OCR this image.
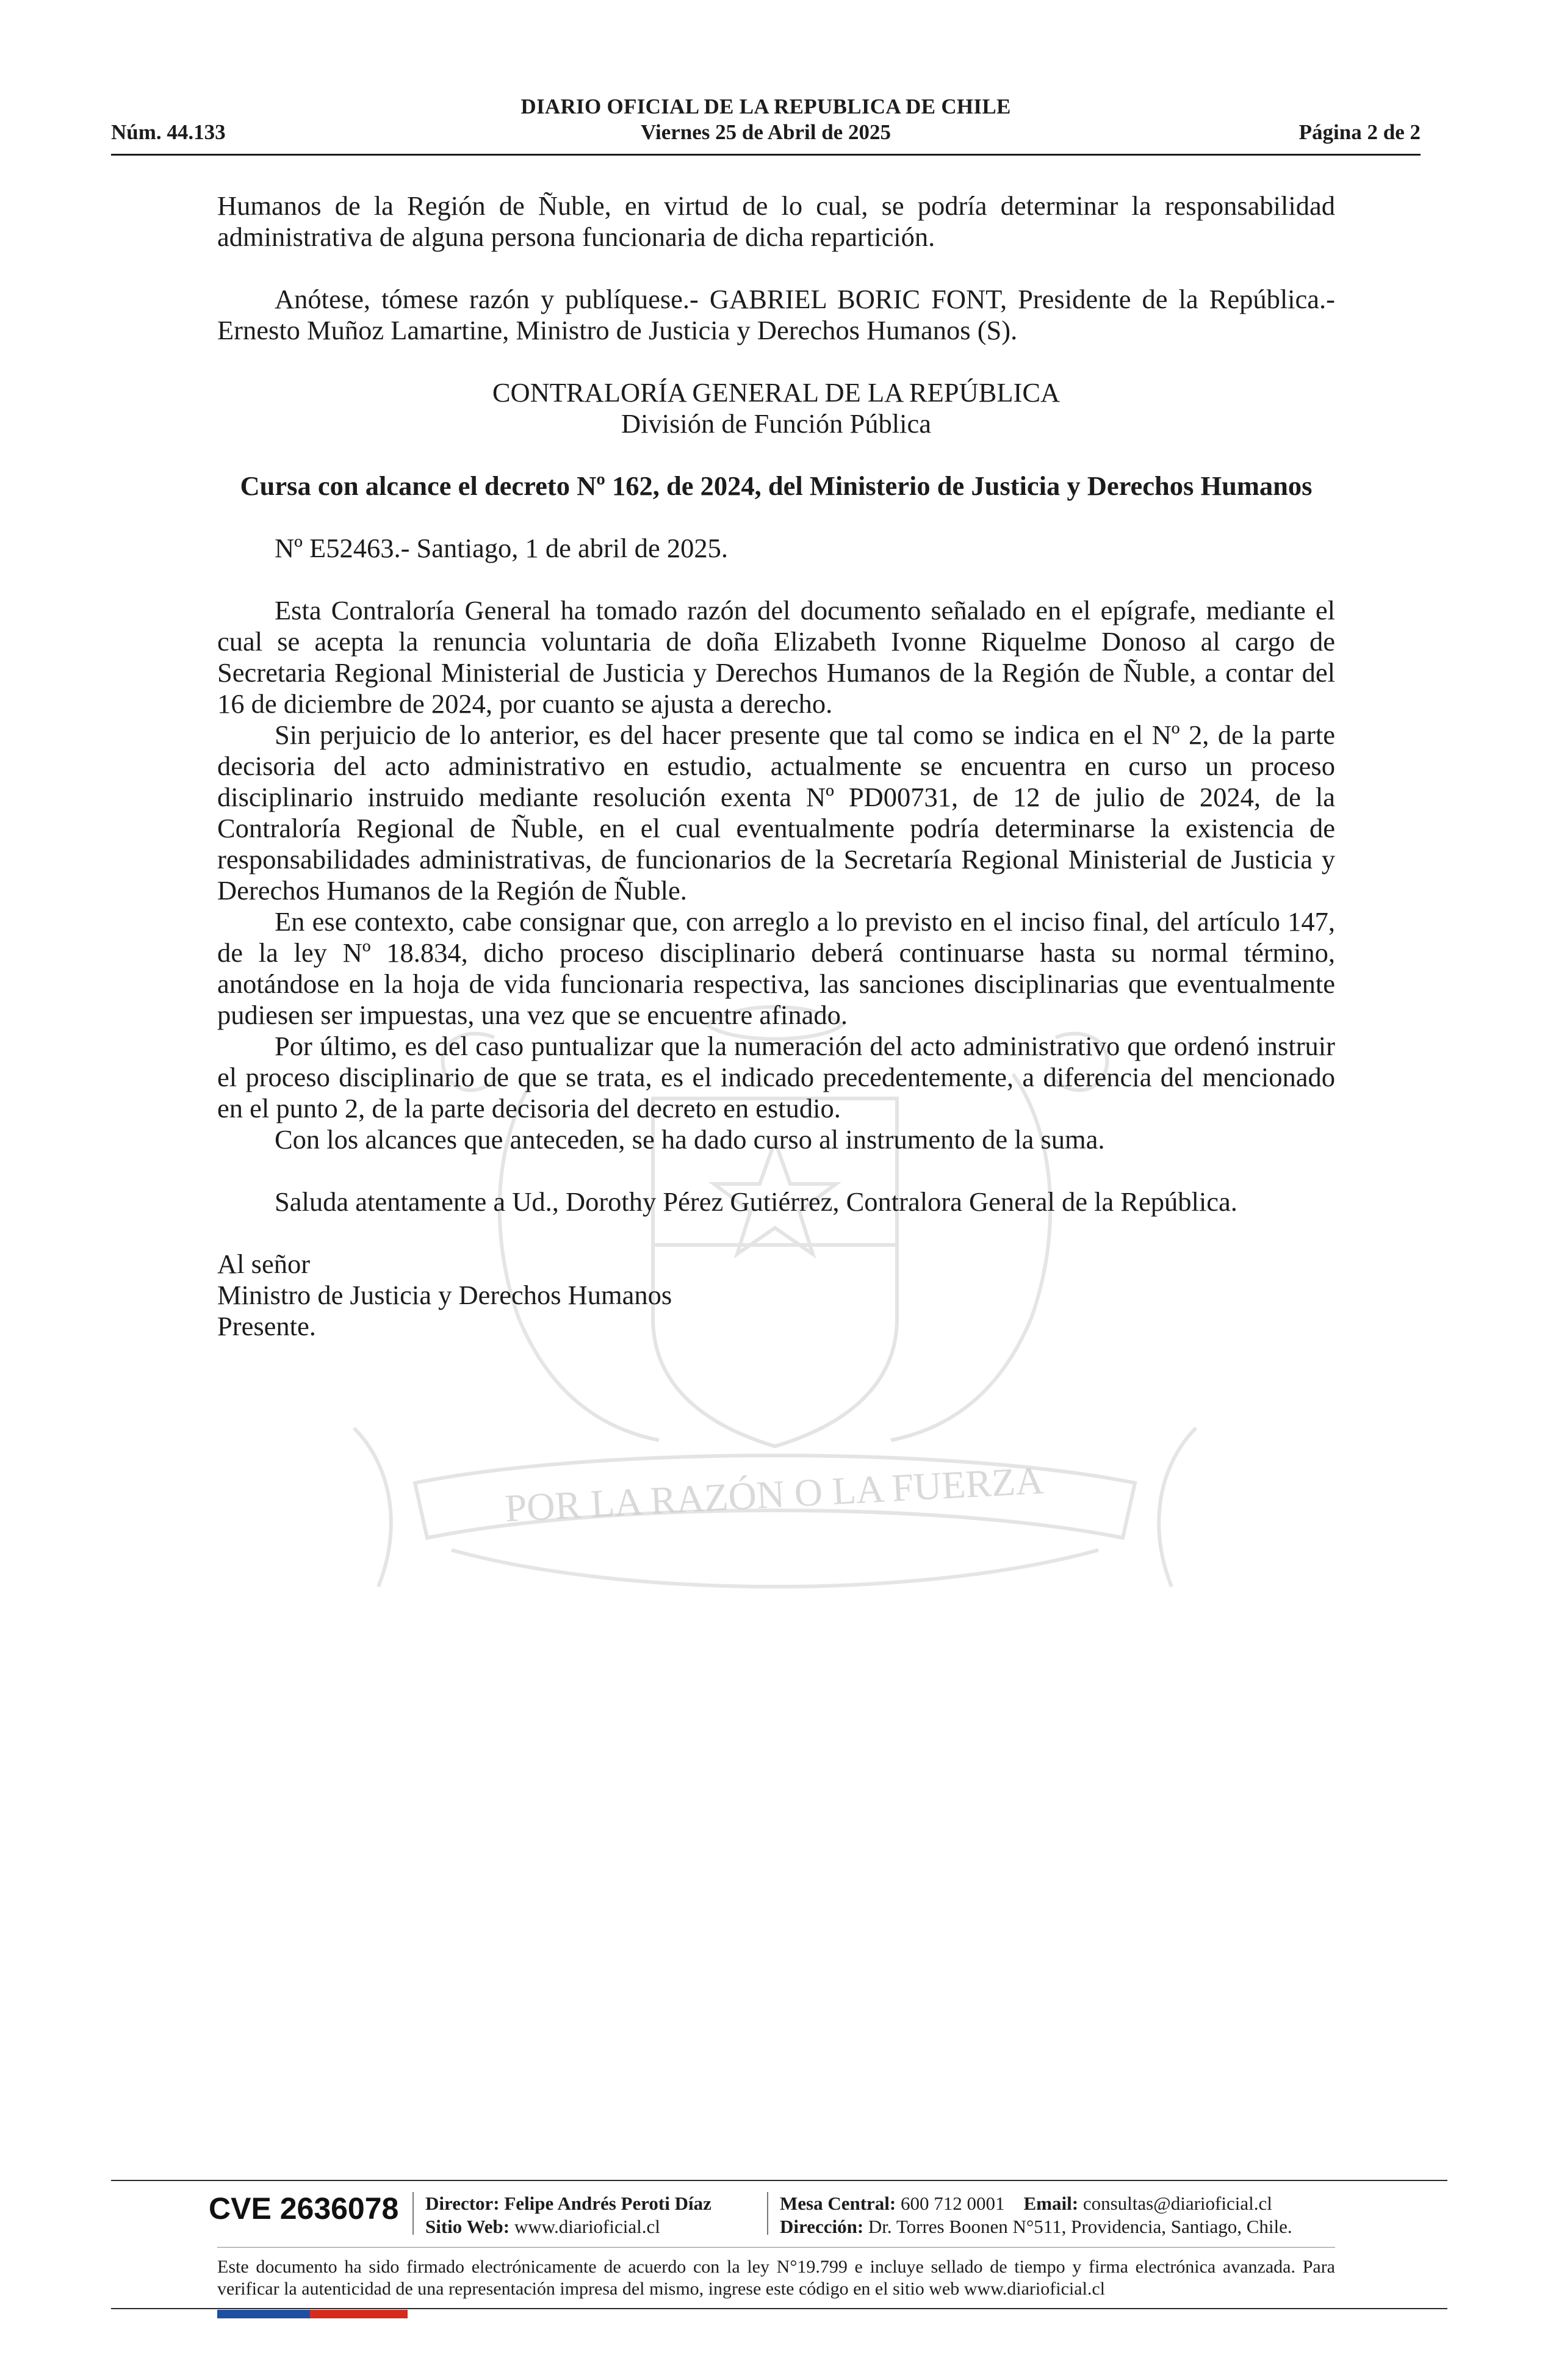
DIARIO OFICIAL DE LA REPUBLICA DE CHILE
Núm. 44.133	Viernes 25 de Abril de 2025	Página 2 de 2
POR LA RAZÓN O LA FUERZA

Humanos de la Región de Ñuble, en virtud de lo cual, se podría determinar la responsabilidad administrativa de alguna persona funcionaria de dicha repartición.

Anótese, tómese razón y publíquese.- GABRIEL BORIC FONT, Presidente de la República.- Ernesto Muñoz Lamartine, Ministro de Justicia y Derechos Humanos (S).

CONTRALORÍA GENERAL DE LA REPÚBLICA

División de Función Pública

Cursa con alcance el decreto Nº 162, de 2024, del Ministerio de Justicia y Derechos Humanos

Nº E52463.- Santiago, 1 de abril de 2025.

Esta Contraloría General ha tomado razón del documento señalado en el epígrafe, mediante el cual se acepta la renuncia voluntaria de doña Elizabeth Ivonne Riquelme Donoso al cargo de Secretaria Regional Ministerial de Justicia y Derechos Humanos de la Región de Ñuble, a contar del 16 de diciembre de 2024, por cuanto se ajusta a derecho.

Sin perjuicio de lo anterior, es del hacer presente que tal como se indica en el Nº 2, de la parte decisoria del acto administrativo en estudio, actualmente se encuentra en curso un proceso disciplinario instruido mediante resolución exenta Nº PD00731, de 12 de julio de 2024, de la Contraloría Regional de Ñuble, en el cual eventualmente podría determinarse la existencia de responsabilidades administrativas, de funcionarios de la Secretaría Regional Ministerial de Justicia y Derechos Humanos de la Región de Ñuble.

En ese contexto, cabe consignar que, con arreglo a lo previsto en el inciso final, del artículo 147, de la ley Nº 18.834, dicho proceso disciplinario deberá continuarse hasta su normal término, anotándose en la hoja de vida funcionaria respectiva, las sanciones disciplinarias que eventualmente pudiesen ser impuestas, una vez que se encuentre afinado.

Por último, es del caso puntualizar que la numeración del acto administrativo que ordenó instruir el proceso disciplinario de que se trata, es el indicado precedentemente, a diferencia del mencionado en el punto 2, de la parte decisoria del decreto en estudio.

Con los alcances que anteceden, se ha dado curso al instrumento de la suma.

Saluda atentamente a Ud., Dorothy Pérez Gutiérrez, Contralora General de la República.

Al señor

Ministro de Justicia y Derechos Humanos

Presente.

CVE 2636078 Director: Felipe Andrés Peroti Díaz
Sitio Web: www.diarioficial.cl
Mesa Central: 600 712 0001 Email: consultas@diarioficial.cl
Dirección: Dr. Torres Boonen N°511, Providencia, Santiago, Chile.
Este documento ha sido firmado electrónicamente de acuerdo con la ley N°19.799 e incluye sellado de tiempo y firma electrónica avanzada. Para verificar la autenticidad de una representación impresa del mismo, ingrese este código en el sitio web www.diarioficial.cl
